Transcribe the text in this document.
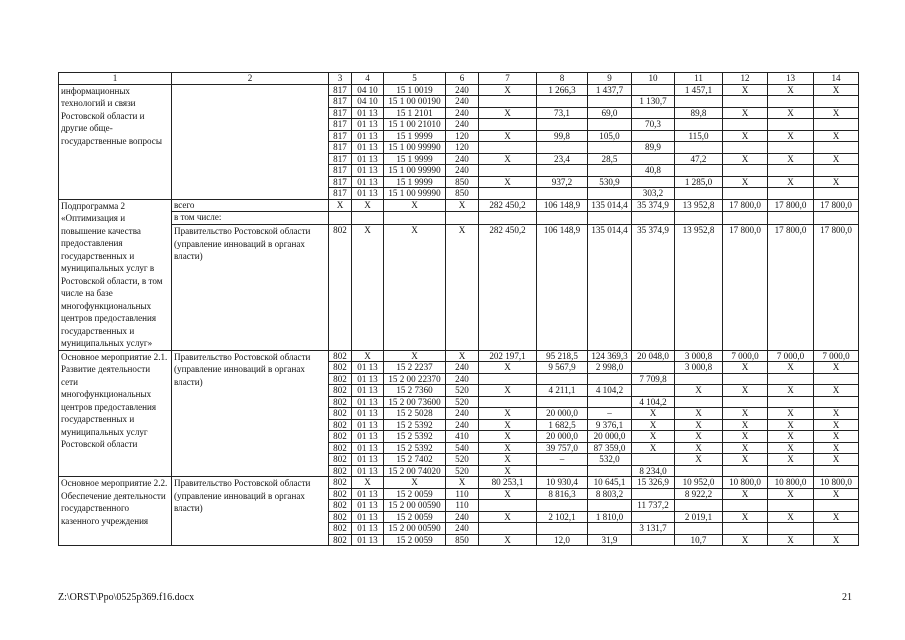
1	2	3	4	5	6	7	8	9	10	11	12	13	14
информационных технологий и связи Ростовской области и другие обще-государственные вопросы		817	04 10	15 1 0019	240	X	1 266,3	1 437,7		1 457,1	X	X	X
		817	04 10	15 1 00 00190	240				1 130,7				
		817	01 13	15 1 2101	240	X	73,1	69,0		89,8	X	X	X
		817	01 13	15 1 00 21010	240				70,3				
		817	01 13	15 1 9999	120	X	99,8	105,0		115,0	X	X	X
		817	01 13	15 1 00 99990	120				89,9				
		817	01 13	15 1 9999	240	X	23,4	28,5		47,2	X	X	X
		817	01 13	15 1 00 99990	240				40,8				
		817	01 13	15 1 9999	850	X	937,2	530,9		1 285,0	X	X	X
		817	01 13	15 1 00 99990	850				303,2				
Подпрограмма 2 «Оптимизация и повышение качества предоставления государственных и муниципальных услуг в Ростовской области, в том числе на базе многофункциональных центров предоставления государственных и муниципальных услуг»	всего	X	X	X	X	282 450,2	106 148,9	135 014,4	35 374,9	13 952,8	17 800,0	17 800,0	17 800,0
	в том числе:												
	Правительство Ростовской области (управление инноваций в органах власти)	802	X	X	X	282 450,2	106 148,9	135 014,4	35 374,9	13 952,8	17 800,0	17 800,0	17 800,0
Основное мероприятие 2.1. Развитие деятельности сети многофункциональных центров предоставления государственных и муниципальных услуг Ростовской области	Правительство Ростовской области (управление инноваций в органах власти)	802	X	X	X	202 197,1	95 218,5	124 369,3	20 048,0	3 000,8	7 000,0	7 000,0	7 000,0
		802	01 13	15 2 2237	240	X	9 567,9	2 998,0		3 000,8	X	X	X
		802	01 13	15 2 00 22370	240				7 709,8				
		802	01 13	15 2 7360	520	X	4 211,1	4 104,2		X	X	X	X
		802	01 13	15 2 00 73600	520				4 104,2				
		802	01 13	15 2 5028	240	X	20 000,0	–	X	X	X	X	X
		802	01 13	15 2 5392	240	X	1 682,5	9 376,1	X	X	X	X	X
		802	01 13	15 2 5392	410	X	20 000,0	20 000,0	X	X	X	X	X
		802	01 13	15 2 5392	540	X	39 757,0	87 359,0	X	X	X	X	X
		802	01 13	15 2 7402	520	X	–	532,0		X	X	X	X
		802	01 13	15 2 00 74020	520	X			8 234,0				
Основное мероприятие 2.2. Обеспечение деятельности государственного казенного учреждения	Правительство Ростовской области (управление инноваций в органах власти)	802	X	X	X	80 253,1	10 930,4	10 645,1	15 326,9	10 952,0	10 800,0	10 800,0	10 800,0
		802	01 13	15 2 0059	110	X	8 816,3	8 803,2		8 922,2	X	X	X
		802	01 13	15 2 00 00590	110				11 737,2				
		802	01 13	15 2 0059	240	X	2 102,1	1 810,0		2 019,1	X	X	X
		802	01 13	15 2 00 00590	240				3 131,7				
		802	01 13	15 2 0059	850	X	12,0	31,9		10,7	X	X	X
Z:\ORST\Ppo\0525p369.f16.docx	21
